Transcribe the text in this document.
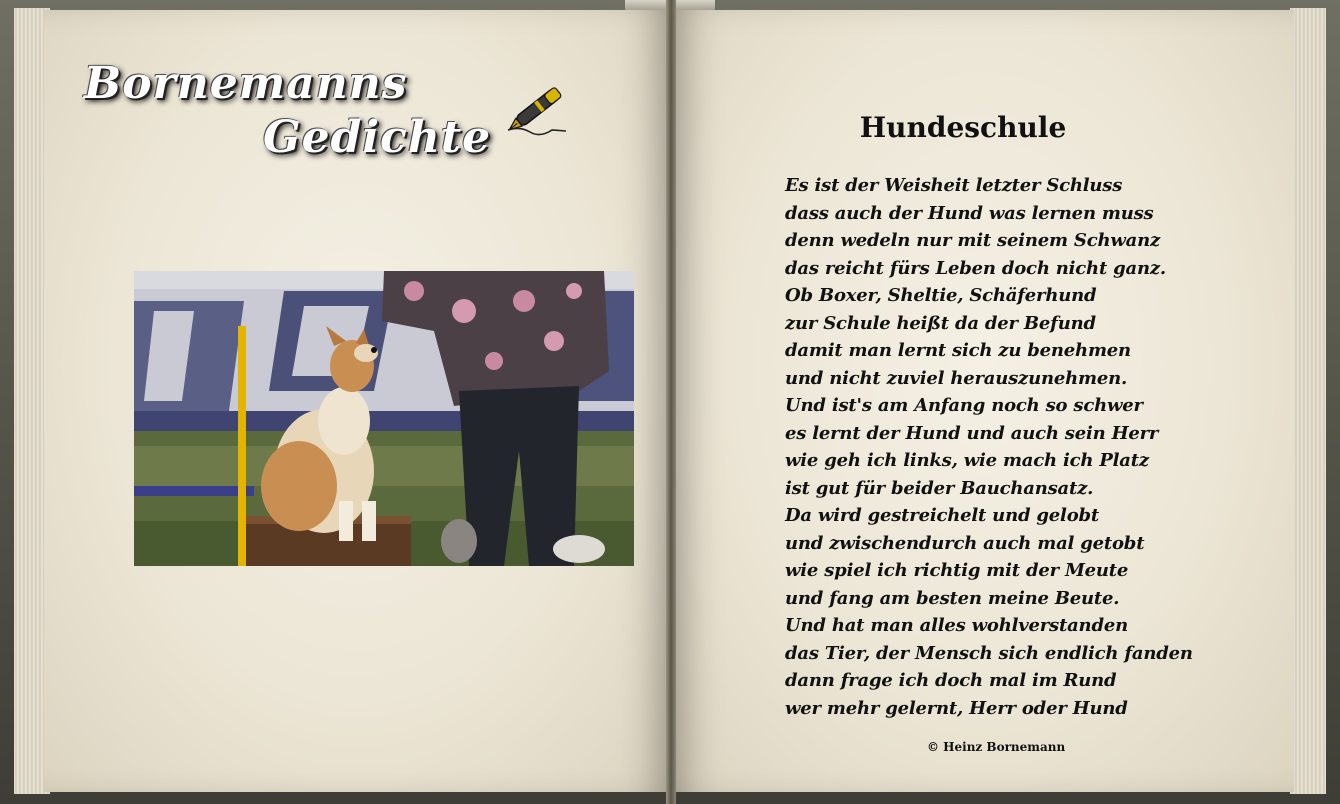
Bornemanns
Gedichte	Hundeschule
Es ist der Weisheit letzter Schluss
dass auch der Hund was lernen muss
denn wedeln nur mit seinem Schwanz
das reicht fürs Leben doch nicht ganz.
Ob Boxer, Sheltie, Schäferhund
zur Schule heißt da der Befund
damit man lernt sich zu benehmen
und nicht zuviel herauszunehmen.
Und ist's am Anfang noch so schwer
es lernt der Hund und auch sein Herr
wie geh ich links, wie mach ich Platz
ist gut für beider Bauchansatz.
Da wird gestreichelt und gelobt
und zwischendurch auch mal getobt
wie spiel ich richtig mit der Meute
und fang am besten meine Beute.
Und hat man alles wohlverstanden
das Tier, der Mensch sich endlich fanden
dann frage ich doch mal im Rund
wer mehr gelernt, Herr oder Hund
© Heinz Bornemann
